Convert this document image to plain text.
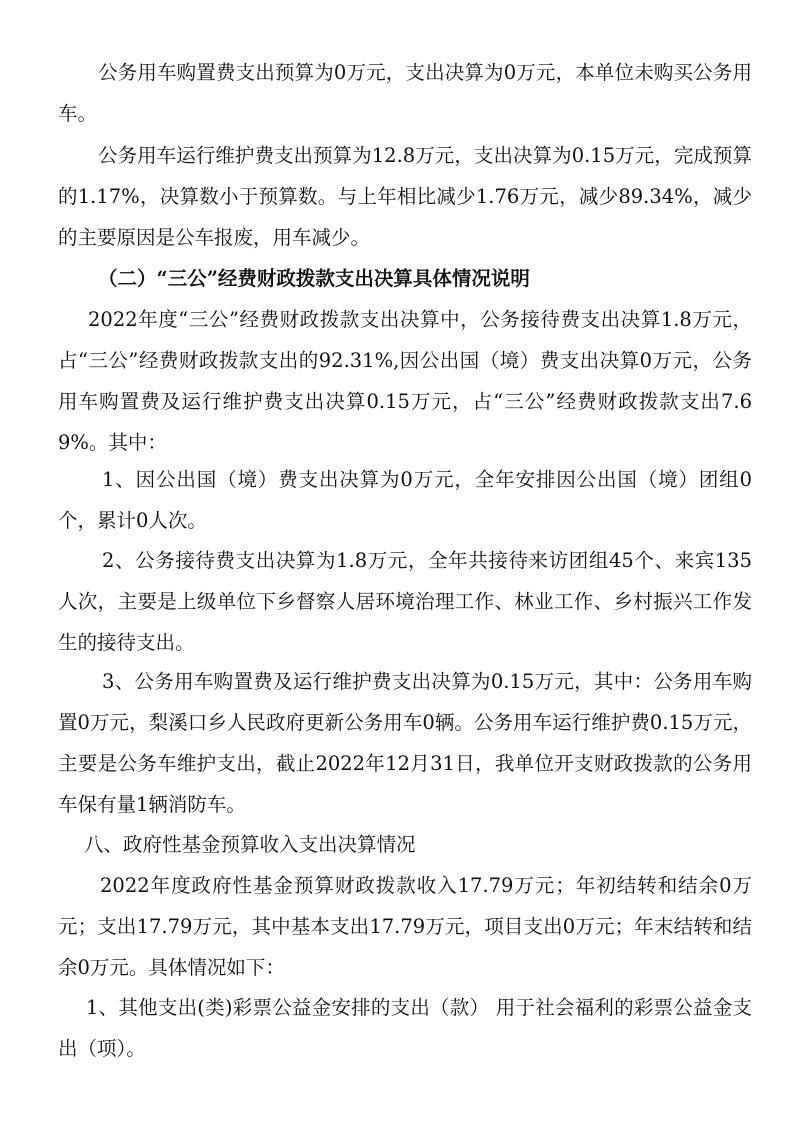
公务用车购置费支出预算为0万元，支出决算为0万元，本单位未购买公务用车。

公务用车运行维护费支出预算为12.8万元，支出决算为0.15万元，完成预算的1.17%，决算数小于预算数。与上年相比减少1.76万元，减少89.34%，减少的主要原因是公车报废，用车减少。

（二）“三公”经费财政拨款支出决算具体情况说明

2022年度“三公”经费财政拨款支出决算中，公务接待费支出决算1.8万元，占“三公”经费财政拨款支出的92.31%,因公出国（境）费支出决算0万元，公务用车购置费及运行维护费支出决算0.15万元，占“三公”经费财政拨款支出7.69%。其中：

1、因公出国（境）费支出决算为0万元，全年安排因公出国（境）团组0个，累计0人次。

2、公务接待费支出决算为1.8万元，全年共接待来访团组45个、来宾135人次，主要是上级单位下乡督察人居环境治理工作、林业工作、乡村振兴工作发生的接待支出。

3、公务用车购置费及运行维护费支出决算为0.15万元，其中：公务用车购置0万元，梨溪口乡人民政府更新公务用车0辆。公务用车运行维护费0.15万元，主要是公务车维护支出，截止2022年12月31日，我单位开支财政拨款的公务用车保有量1辆消防车。

八、政府性基金预算收入支出决算情况

2022年度政府性基金预算财政拨款收入17.79万元；年初结转和结余0万元；支出17.79万元，其中基本支出17.79万元，项目支出0万元；年末结转和结余0万元。具体情况如下：

1、其他支出(类)彩票公益金安排的支出（款） 用于社会福利的彩票公益金支出（项）。
